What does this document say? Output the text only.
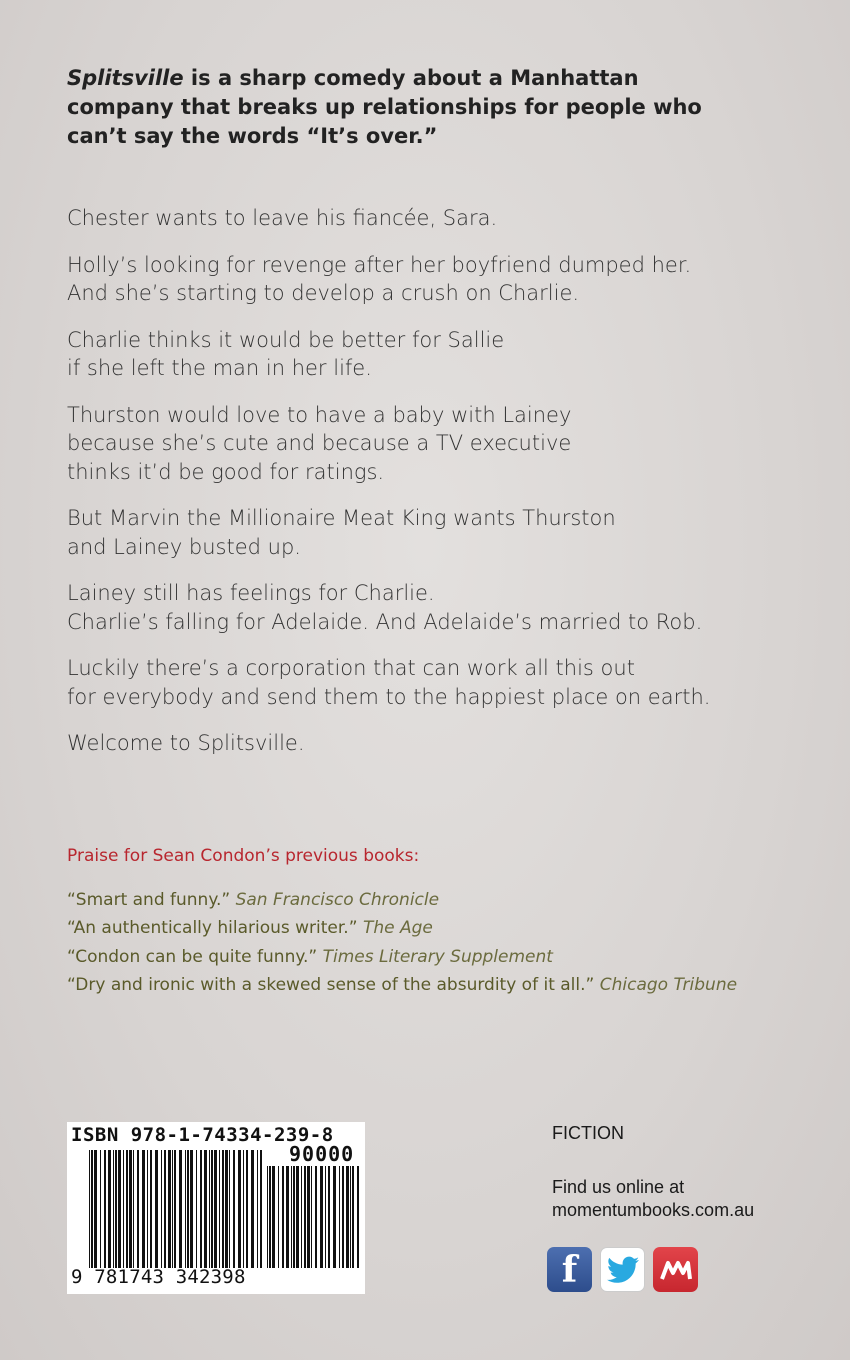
Splitsville is a sharp comedy about a Manhattan company that breaks up relationships for people who can’t say the words “It’s over.”

Chester wants to leave his fiancée, Sara.

Holly’s looking for revenge after her boyfriend dumped her.
And she’s starting to develop a crush on Charlie.

Charlie thinks it would be better for Sallie
if she left the man in her life.

Thurston would love to have a baby with Lainey
because she’s cute and because a TV executive
thinks it’d be good for ratings.

But Marvin the Millionaire Meat King wants Thurston
and Lainey busted up.

Lainey still has feelings for Charlie.
Charlie’s falling for Adelaide. And Adelaide’s married to Rob.

Luckily there’s a corporation that can work all this out
for everybody and send them to the happiest place on earth.

Welcome to Splitsville.

Praise for Sean Condon’s previous books:
“Smart and funny.” San Francisco Chronicle
“An authentically hilarious writer.” The Age
“Condon can be quite funny.” Times Literary Supplement
“Dry and ironic with a skewed sense of the absurdity of it all.” Chicago Tribune
ISBN 978-1-74334-239-8
90000
9 781743 342398
FICTION
Find us online at
momentumbooks.com.au
f
